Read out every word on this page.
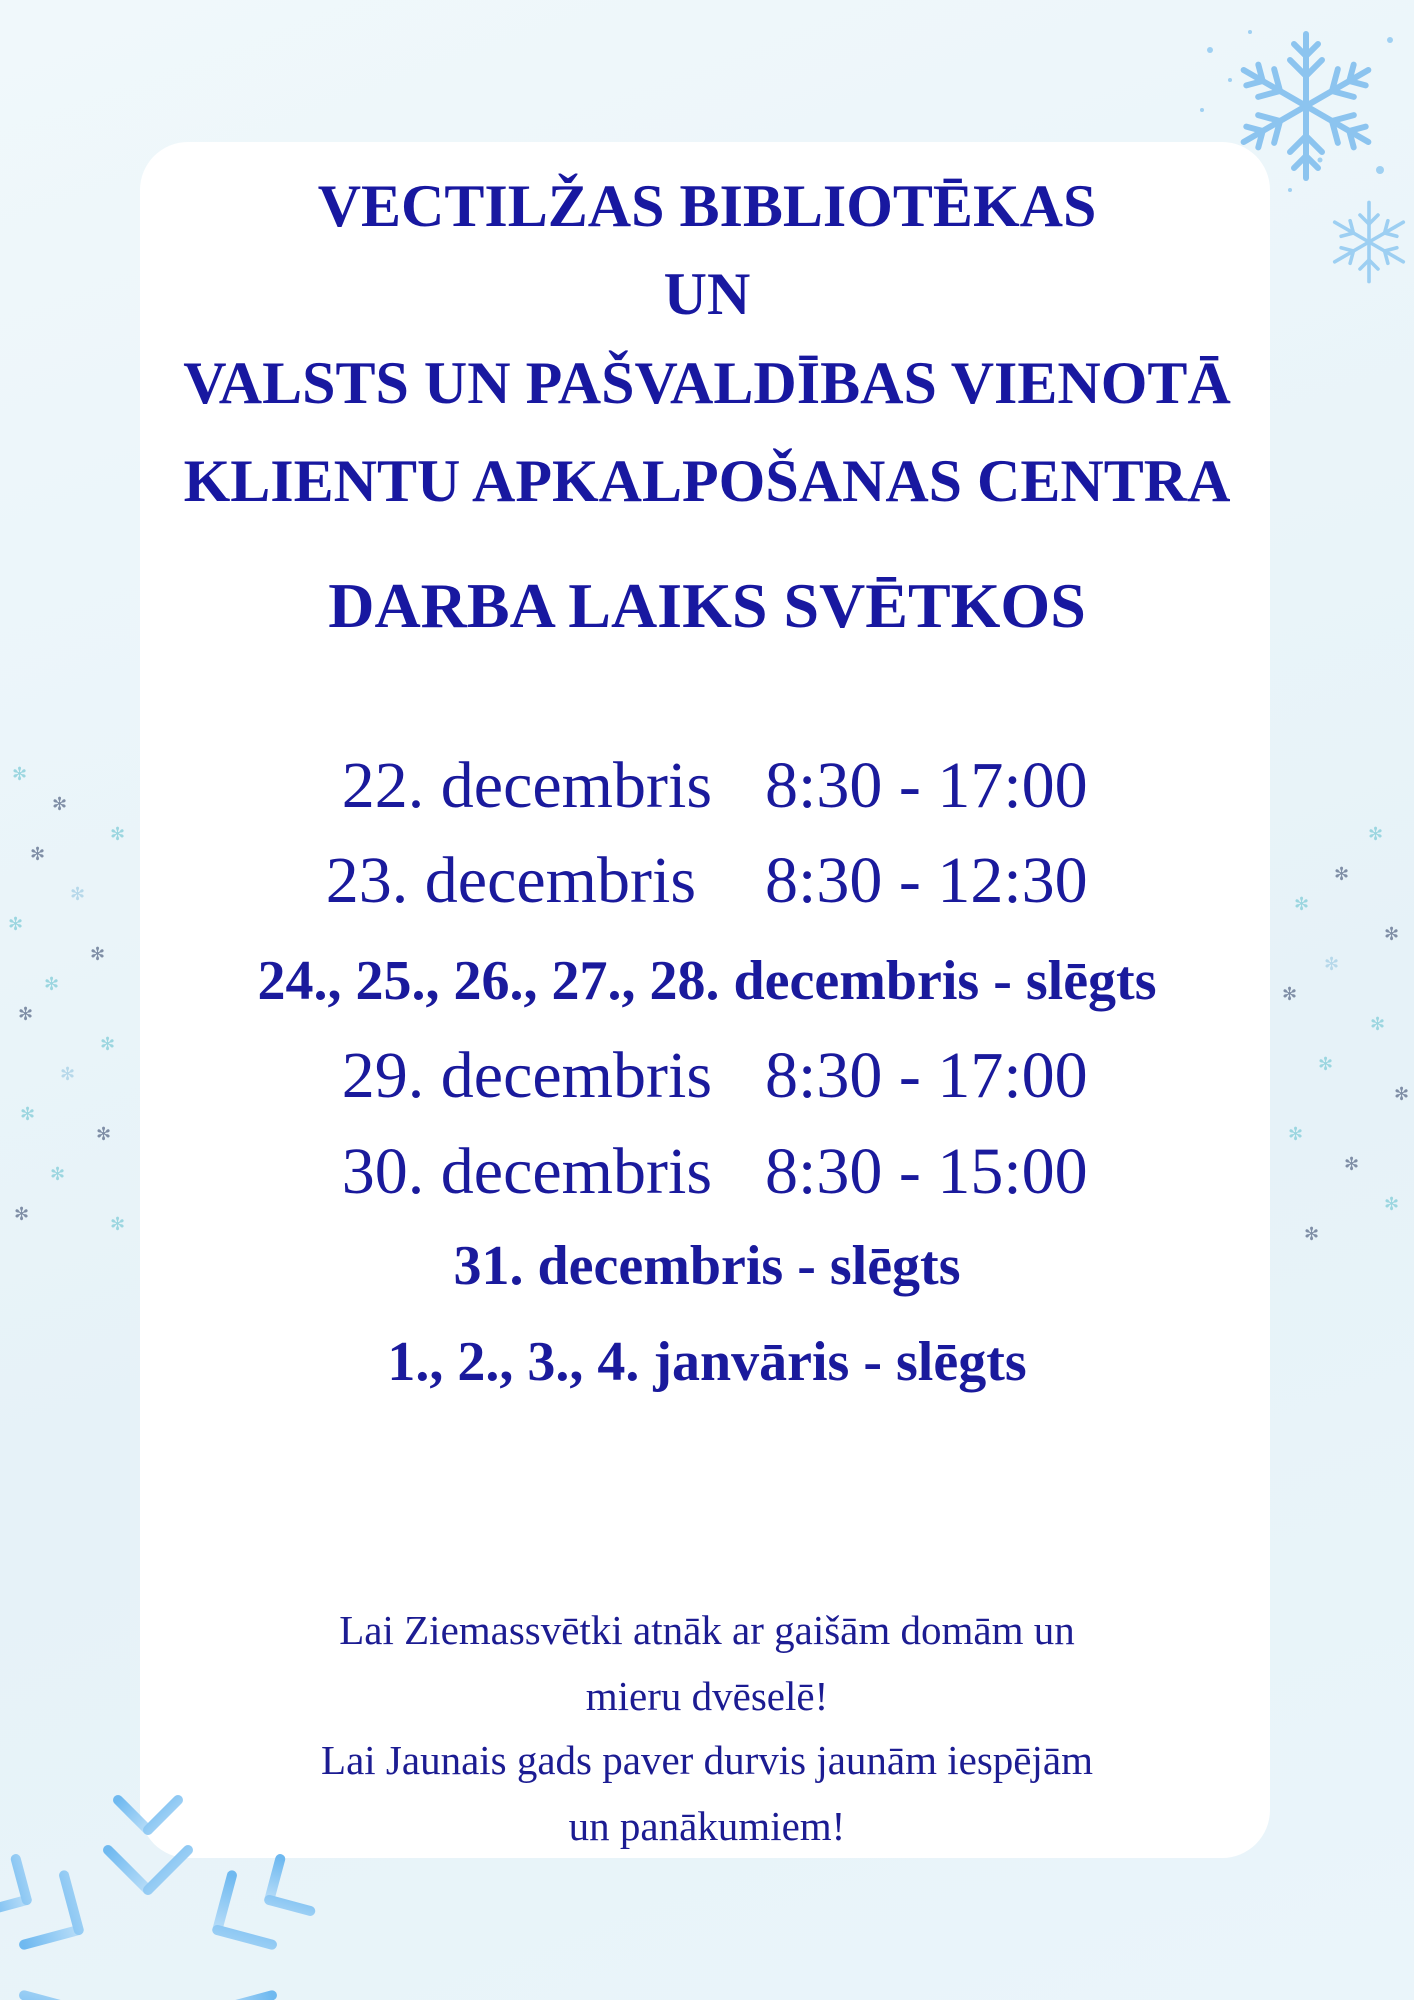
✻
✻
✻
✻
✻
✻
✻
✻
✻
✻
✻
✻
✻
✻
✻	✻
✻
✻
✻
✻
✻
✻
✻
✻
✻
✻
✻
✻
✻
VECTILŽAS BIBLIOTĒKAS
UN
VALSTS UN PAŠVALDĪBAS VIENOTĀ
KLIENTU APKALPOŠANAS CENTRA
DARBA LAIKS SVĒTKOS
22. decembris 8:30 - 17:00
23. decembris 8:30 - 12:30
24., 25., 26., 27., 28. decembris - slēgts
29. decembris 8:30 - 17:00
30. decembris 8:30 - 15:00
31. decembris - slēgts
1., 2., 3., 4. janvāris - slēgts
Lai Ziemassvētki atnāk ar gaišām domām un
mieru dvēselē!
Lai Jaunais gads paver durvis jaunām iespējām
un panākumiem!
